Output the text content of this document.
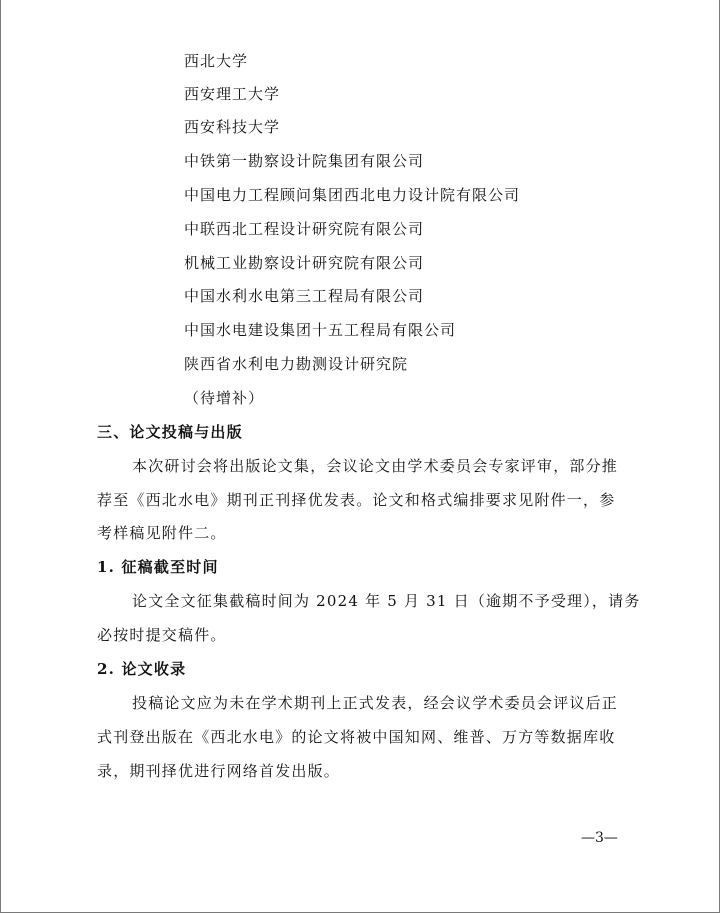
西北大学
西安理工大学
西安科技大学
中铁第一勘察设计院集团有限公司
中国电力工程顾问集团西北电力设计院有限公司
中联西北工程设计研究院有限公司
机械工业勘察设计研究院有限公司
中国水利水电第三工程局有限公司
中国水电建设集团十五工程局有限公司
陕西省水利电力勘测设计研究院
（待增补）
三、论文投稿与出版
本次研讨会将出版论文集，会议论文由学术委员会专家评审，部分推
荐至《西北水电》期刊正刊择优发表。论文和格式编排要求见附件一，参
考样稿见附件二。
1. 征稿截至时间
论文全文征集截稿时间为 2024 年 5 月 31 日（逾期不予受理），请务
必按时提交稿件。
2. 论文收录
投稿论文应为未在学术期刊上正式发表，经会议学术委员会评议后正
式刊登出版在《西北水电》的论文将被中国知网、维普、万方等数据库收
录，期刊择优进行网络首发出版。
—3—
